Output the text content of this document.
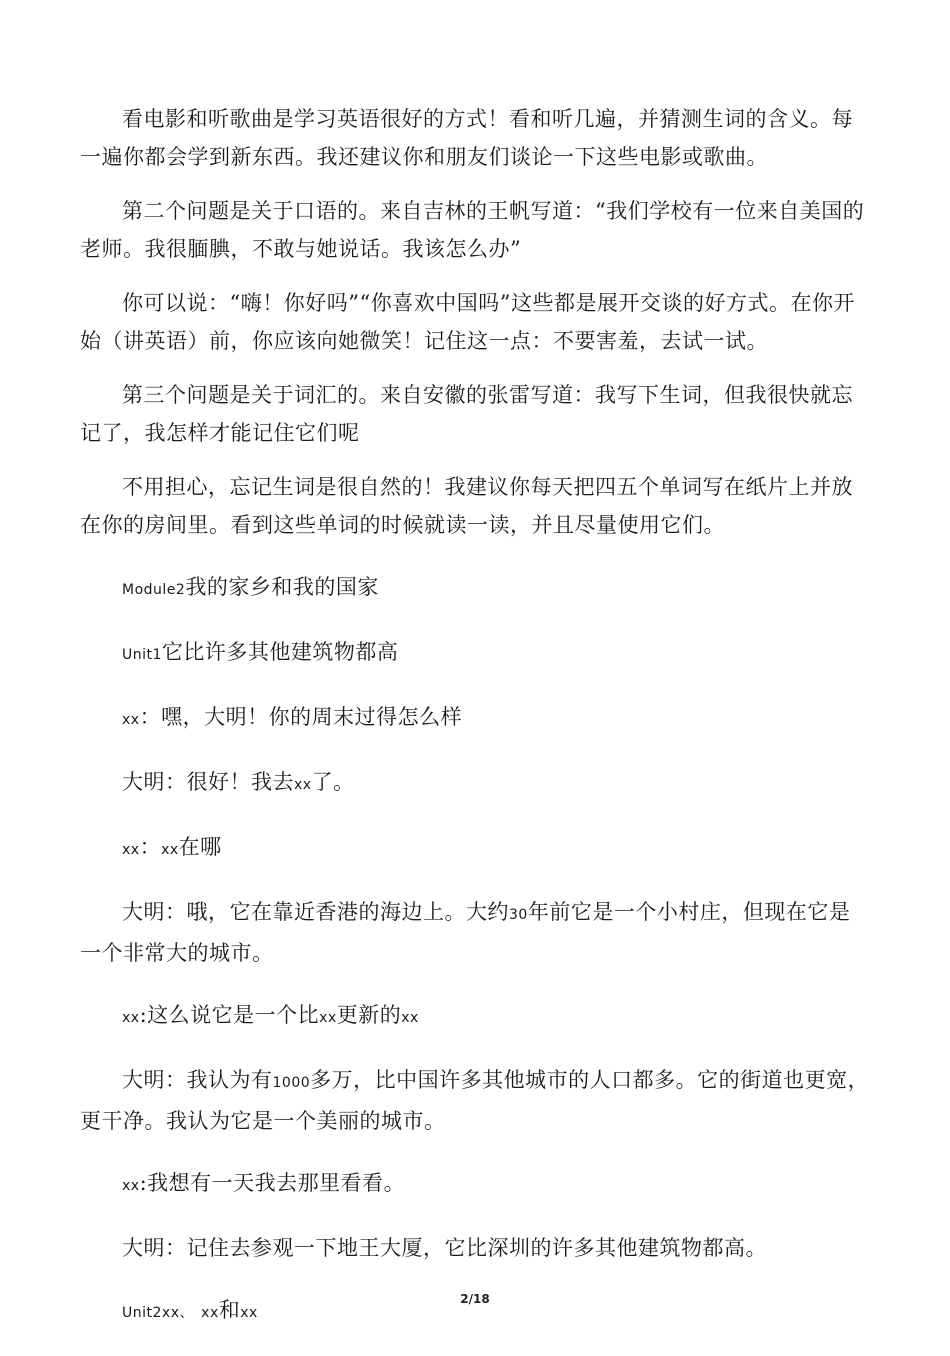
看电影和听歌曲是学习英语很好的方式！看和听几遍，并猜测生词的含义。每一遍你都会学到新东西。我还建议你和朋友们谈论一下这些电影或歌曲。

第二个问题是关于口语的。来自吉林的王帆写道：“我们学校有一位来自美国的老师。我很腼腆，不敢与她说话。我该怎么办”

你可以说：“嗨！你好吗”“你喜欢中国吗”这些都是展开交谈的好方式。在你开始（讲英语）前，你应该向她微笑！记住这一点：不要害羞，去试一试。

第三个问题是关于词汇的。来自安徽的张雷写道：我写下生词，但我很快就忘记了，我怎样才能记住它们呢

不用担心，忘记生词是很自然的！我建议你每天把四五个单词写在纸片上并放在你的房间里。看到这些单词的时候就读一读，并且尽量使用它们。

Module2我的家乡和我的国家

Unit1它比许多其他建筑物都高

xx：嘿，大明！你的周末过得怎么样

大明：很好！我去xx了。

xx：xx在哪

大明：哦，它在靠近香港的海边上。大约30年前它是一个小村庄，但现在它是一个非常大的城市。

xx:这么说它是一个比xx更新的xx

大明：我认为有1000多万，比中国许多其他城市的人口都多。它的街道也更宽，更干净。我认为它是一个美丽的城市。

xx:我想有一天我去那里看看。

大明：记住去参观一下地王大厦，它比深圳的许多其他建筑物都高。

Unit2xx、 xx和xx

2/18
